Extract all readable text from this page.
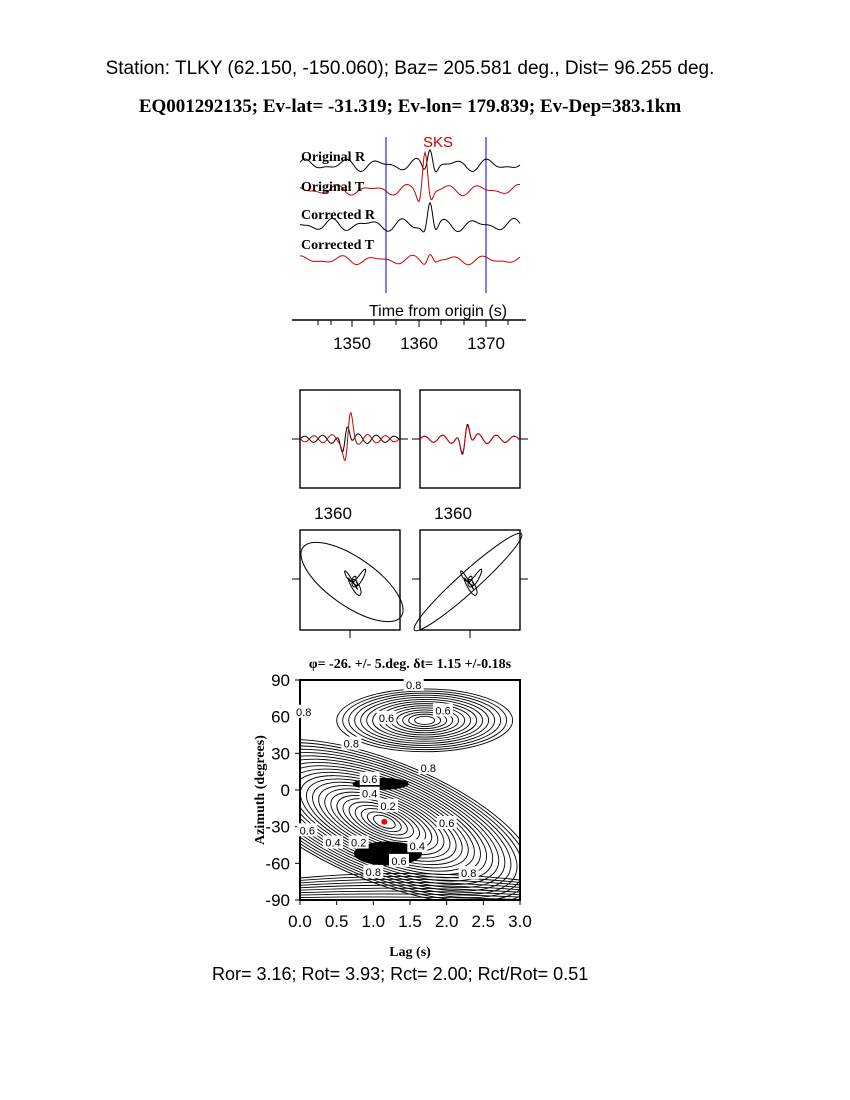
Station: TLKY (62.150, -150.060); Baz= 205.581 deg., Dist= 96.255 deg.
EQ001292135; Ev-lat= -31.319; Ev-lon= 179.839; Ev-Dep=383.1km
SKS
Original R
Original T
Corrected R
Corrected T
Time from origin (s)
1350 1360 1370
1360	1360
φ= -26. +/- 5.deg. δt= 1.15 +/-0.18s
0.0 0.5 1.0 1.5 2.0 2.5 3.0
90
60
30
0
-30
-60
-90
0.8
0.8
0.6
0.6
0.8
0.8
0.6
0.4
0.2
0.6
0.6
0.4 0.2	0.4
0.6
0.8	0.8
Lag (s)
Azimuth (degrees)
Ror= 3.16; Rot= 3.93; Rct= 2.00; Rct/Rot= 0.51
